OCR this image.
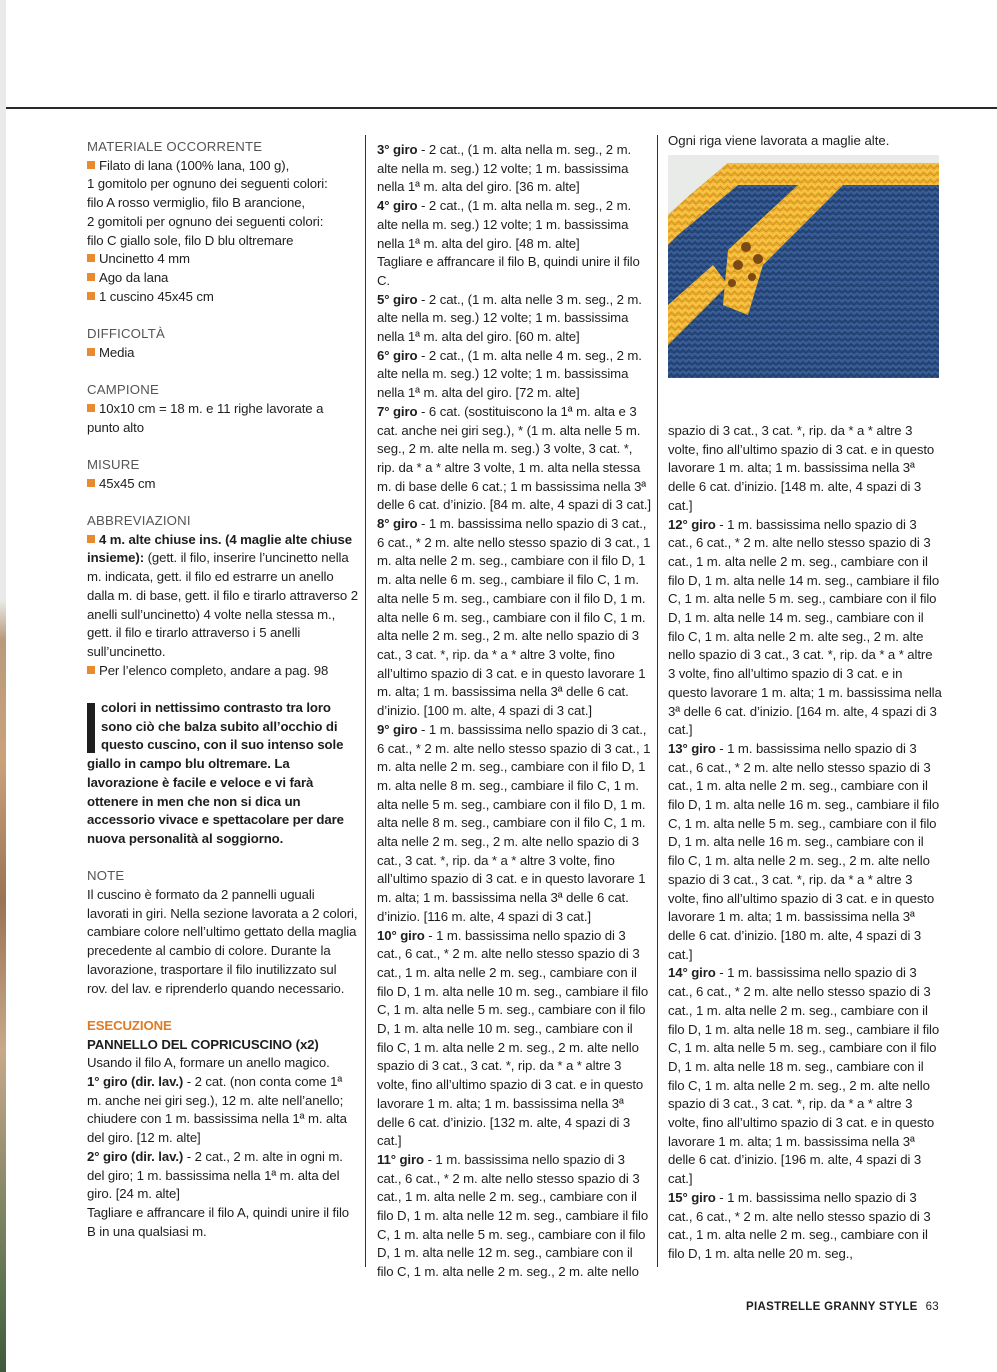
MATERIALE OCCORRENTE
Filato di lana (100% lana, 100 g),
1 gomitolo per ognuno dei seguenti colori:
filo A rosso vermiglio, filo B arancione,
2 gomitoli per ognuno dei seguenti colori:
filo C giallo sole, filo D blu oltremare
Uncinetto 4 mm
Ago da lana
1 cuscino 45x45 cm
DIFFICOLTÀ
Media
CAMPIONE
10x10 cm = 18 m. e 11 righe lavorate a punto alto
MISURE
45x45 cm
ABBREVIAZIONI
4 m. alte chiuse ins. (4 maglie alte chiuse insieme): (gett. il filo, inserire l’uncinetto nella m. indicata, gett. il filo ed estrarre un anello dalla m. di base, gett. il filo e tirarlo attraverso 2 anelli sull’uncinetto) 4 volte nella stessa m., gett. il filo e tirarlo attraverso i 5 anelli sull’uncinetto.
Per l’elenco completo, andare a pag. 98
colori in nettissimo contrasto tra loro sono ciò che balza subito all’occhio di questo cuscino, con il suo intenso sole giallo in campo blu oltremare. La lavorazione è facile e veloce e vi farà ottenere in men che non si dica un accessorio vivace e spettacolare per dare nuova personalità al soggiorno.
NOTE
Il cuscino è formato da 2 pannelli uguali lavorati in giri. Nella sezione lavorata a 2 colori, cambiare colore nell’ultimo gettato della maglia precedente al cambio di colore. Durante la lavorazione, trasportare il filo inutilizzato sul rov. del lav. e riprenderlo quando necessario.
ESECUZIONE
PANNELLO DEL COPRICUSCINO (x2)
Usando il filo A, formare un anello magico.
1° giro (dir. lav.) - 2 cat. (non conta come 1ª m. anche nei giri seg.), 12 m. alte nell’anello; chiudere con 1 m. bassissima nella 1ª m. alta del giro. [12 m. alte]
2° giro (dir. lav.) - 2 cat., 2 m. alte in ogni m. del giro; 1 m. bassissima nella 1ª m. alta del giro. [24 m. alte]
Tagliare e affrancare il filo A, quindi unire il filo B in una qualsiasi m.
3° giro - 2 cat., (1 m. alta nella m. seg., 2 m. alte nella m. seg.) 12 volte; 1 m. bassissima nella 1ª m. alta del giro. [36 m. alte]
4° giro - 2 cat., (1 m. alta nella m. seg., 2 m. alte nella m. seg.) 12 volte; 1 m. bassissima nella 1ª m. alta del giro. [48 m. alte]
Tagliare e affrancare il filo B, quindi unire il filo C.
5° giro - 2 cat., (1 m. alta nelle 3 m. seg., 2 m. alte nella m. seg.) 12 volte; 1 m. bassissima nella 1ª m. alta del giro. [60 m. alte]
6° giro - 2 cat., (1 m. alta nelle 4 m. seg., 2 m. alte nella m. seg.) 12 volte; 1 m. bassissima nella 1ª m. alta del giro. [72 m. alte]
7° giro - 6 cat. (sostituiscono la 1ª m. alta e 3 cat. anche nei giri seg.), * (1 m. alta nelle 5 m. seg., 2 m. alte nella m. seg.) 3 volte, 3 cat. *, rip. da * a * altre 3 volte, 1 m. alta nella stessa m. di base delle 6 cat.; 1 m bassissima nella 3ª delle 6 cat. d’inizio. [84 m. alte, 4 spazi di 3 cat.]
8° giro - 1 m. bassissima nello spazio di 3 cat., 6 cat., * 2 m. alte nello stesso spazio di 3 cat., 1 m. alta nelle 2 m. seg., cambiare con il filo D, 1 m. alta nelle 6 m. seg., cambiare il filo C, 1 m. alta nelle 5 m. seg., cambiare con il filo D, 1 m. alta nelle 6 m. seg., cambiare con il filo C, 1 m. alta nelle 2 m. seg., 2 m. alte nello spazio di 3 cat., 3 cat. *, rip. da * a * altre 3 volte, fino all’ultimo spazio di 3 cat. e in questo lavorare 1 m. alta; 1 m. bassissima nella 3ª delle 6 cat. d’inizio. [100 m. alte, 4 spazi di 3 cat.]
9° giro - 1 m. bassissima nello spazio di 3 cat., 6 cat., * 2 m. alte nello stesso spazio di 3 cat., 1 m. alta nelle 2 m. seg., cambiare con il filo D, 1 m. alta nelle 8 m. seg., cambiare il filo C, 1 m. alta nelle 5 m. seg., cambiare con il filo D, 1 m. alta nelle 8 m. seg., cambiare con il filo C, 1 m. alta nelle 2 m. seg., 2 m. alte nello spazio di 3 cat., 3 cat. *, rip. da * a * altre 3 volte, fino all’ultimo spazio di 3 cat. e in questo lavorare 1 m. alta; 1 m. bassissima nella 3ª delle 6 cat. d’inizio. [116 m. alte, 4 spazi di 3 cat.]
10° giro - 1 m. bassissima nello spazio di 3 cat., 6 cat., * 2 m. alte nello stesso spazio di 3 cat., 1 m. alta nelle 2 m. seg., cambiare con il filo D, 1 m. alta nelle 10 m. seg., cambiare il filo C, 1 m. alta nelle 5 m. seg., cambiare con il filo D, 1 m. alta nelle 10 m. seg., cambiare con il filo C, 1 m. alta nelle 2 m. seg., 2 m. alte nello spazio di 3 cat., 3 cat. *, rip. da * a * altre 3 volte, fino all’ultimo spazio di 3 cat. e in questo lavorare 1 m. alta; 1 m. bassissima nella 3ª delle 6 cat. d’inizio. [132 m. alte, 4 spazi di 3 cat.]
11° giro - 1 m. bassissima nello spazio di 3 cat., 6 cat., * 2 m. alte nello stesso spazio di 3 cat., 1 m. alta nelle 2 m. seg., cambiare con il filo D, 1 m. alta nelle 12 m. seg., cambiare il filo C, 1 m. alta nelle 5 m. seg., cambiare con il filo D, 1 m. alta nelle 12 m. seg., cambiare con il filo C, 1 m. alta nelle 2 m. seg., 2 m. alte nello
Ogni riga viene lavorata a maglie alte.
spazio di 3 cat., 3 cat. *, rip. da * a * altre 3 volte, fino all’ultimo spazio di 3 cat. e in questo lavorare 1 m. alta; 1 m. bassissima nella 3ª delle 6 cat. d’inizio. [148 m. alte, 4 spazi di 3 cat.]
12° giro - 1 m. bassissima nello spazio di 3 cat., 6 cat., * 2 m. alte nello stesso spazio di 3 cat., 1 m. alta nelle 2 m. seg., cambiare con il filo D, 1 m. alta nelle 14 m. seg., cambiare il filo C, 1 m. alta nelle 5 m. seg., cambiare con il filo D, 1 m. alta nelle 14 m. seg., cambiare con il filo C, 1 m. alta nelle 2 m. alte seg., 2 m. alte nello spazio di 3 cat., 3 cat. *, rip. da * a * altre 3 volte, fino all’ultimo spazio di 3 cat. e in questo lavorare 1 m. alta; 1 m. bassissima nella 3ª delle 6 cat. d’inizio. [164 m. alte, 4 spazi di 3 cat.]
13° giro - 1 m. bassissima nello spazio di 3 cat., 6 cat., * 2 m. alte nello stesso spazio di 3 cat., 1 m. alta nelle 2 m. seg., cambiare con il filo D, 1 m. alta nelle 16 m. seg., cambiare il filo C, 1 m. alta nelle 5 m. seg., cambiare con il filo D, 1 m. alta nelle 16 m. seg., cambiare con il filo C, 1 m. alta nelle 2 m. seg., 2 m. alte nello spazio di 3 cat., 3 cat. *, rip. da * a * altre 3 volte, fino all’ultimo spazio di 3 cat. e in questo lavorare 1 m. alta; 1 m. bassissima nella 3ª delle 6 cat. d’inizio. [180 m. alte, 4 spazi di 3 cat.]
14° giro - 1 m. bassissima nello spazio di 3 cat., 6 cat., * 2 m. alte nello stesso spazio di 3 cat., 1 m. alta nelle 2 m. seg., cambiare con il filo D, 1 m. alta nelle 18 m. seg., cambiare il filo C, 1 m. alta nelle 5 m. seg., cambiare con il filo D, 1 m. alta nelle 18 m. seg., cambiare con il filo C, 1 m. alta nelle 2 m. seg., 2 m. alte nello spazio di 3 cat., 3 cat. *, rip. da * a * altre 3 volte, fino all’ultimo spazio di 3 cat. e in questo lavorare 1 m. alta; 1 m. bassissima nella 3ª delle 6 cat. d’inizio. [196 m. alte, 4 spazi di 3 cat.]
15° giro - 1 m. bassissima nello spazio di 3 cat., 6 cat., * 2 m. alte nello stesso spazio di 3 cat., 1 m. alta nelle 2 m. seg., cambiare con il filo D, 1 m. alta nelle 20 m. seg.,
PIASTRELLE GRANNY STYLE 63
